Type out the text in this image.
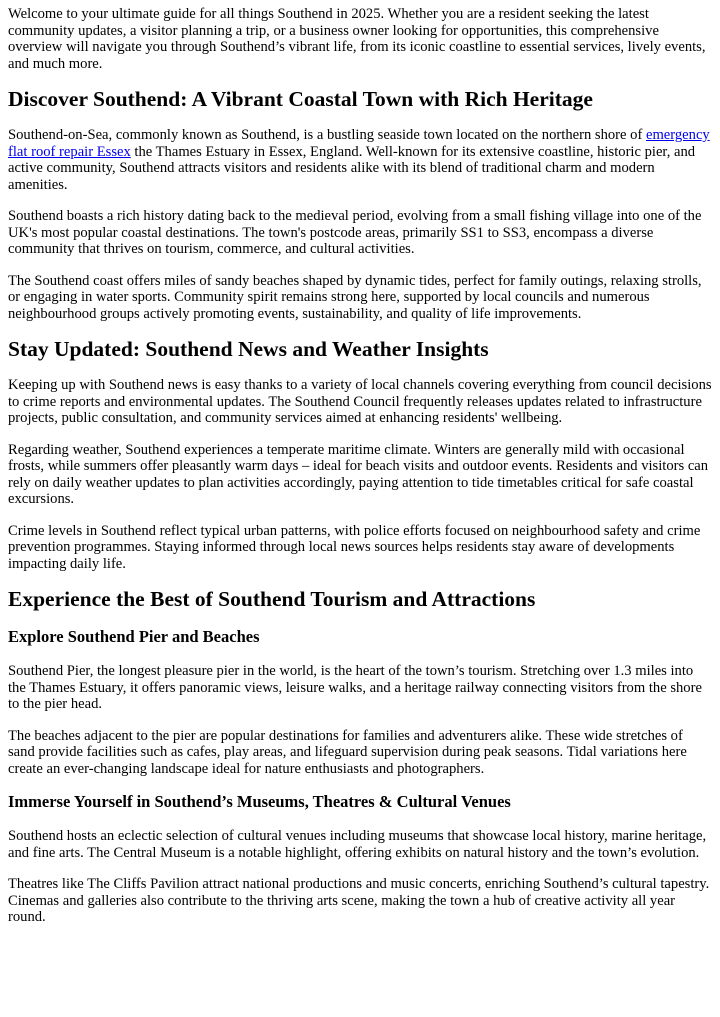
Welcome to your ultimate guide for all things Southend in 2025. Whether you are a resident seeking the latest community updates, a visitor planning a trip, or a business owner looking for opportunities, this comprehensive overview will navigate you through Southend’s vibrant life, from its iconic coastline to essential services, lively events, and much more.

Discover Southend: A Vibrant Coastal Town with Rich Heritage

Southend-on-Sea, commonly known as Southend, is a bustling seaside town located on the northern shore of emergency flat roof repair Essex the Thames Estuary in Essex, England. Well-known for its extensive coastline, historic pier, and active community, Southend attracts visitors and residents alike with its blend of traditional charm and modern amenities.

Southend boasts a rich history dating back to the medieval period, evolving from a small fishing village into one of the UK's most popular coastal destinations. The town's postcode areas, primarily SS1 to SS3, encompass a diverse community that thrives on tourism, commerce, and cultural activities.

The Southend coast offers miles of sandy beaches shaped by dynamic tides, perfect for family outings, relaxing strolls, or engaging in water sports. Community spirit remains strong here, supported by local councils and numerous neighbourhood groups actively promoting events, sustainability, and quality of life improvements.

Stay Updated: Southend News and Weather Insights

Keeping up with Southend news is easy thanks to a variety of local channels covering everything from council decisions to crime reports and environmental updates. The Southend Council frequently releases updates related to infrastructure projects, public consultation, and community services aimed at enhancing residents' wellbeing.

Regarding weather, Southend experiences a temperate maritime climate. Winters are generally mild with occasional frosts, while summers offer pleasantly warm days – ideal for beach visits and outdoor events. Residents and visitors can rely on daily weather updates to plan activities accordingly, paying attention to tide timetables critical for safe coastal excursions.

Crime levels in Southend reflect typical urban patterns, with police efforts focused on neighbourhood safety and crime prevention programmes. Staying informed through local news sources helps residents stay aware of developments impacting daily life.

Experience the Best of Southend Tourism and Attractions
Explore Southend Pier and Beaches

Southend Pier, the longest pleasure pier in the world, is the heart of the town’s tourism. Stretching over 1.3 miles into the Thames Estuary, it offers panoramic views, leisure walks, and a heritage railway connecting visitors from the shore to the pier head.

The beaches adjacent to the pier are popular destinations for families and adventurers alike. These wide stretches of sand provide facilities such as cafes, play areas, and lifeguard supervision during peak seasons. Tidal variations here create an ever-changing landscape ideal for nature enthusiasts and photographers.

Immerse Yourself in Southend’s Museums, Theatres & Cultural Venues

Southend hosts an eclectic selection of cultural venues including museums that showcase local history, marine heritage, and fine arts. The Central Museum is a notable highlight, offering exhibits on natural history and the town’s evolution.

Theatres like The Cliffs Pavilion attract national productions and music concerts, enriching Southend’s cultural tapestry. Cinemas and galleries also contribute to the thriving arts scene, making the town a hub of creative activity all year round.
